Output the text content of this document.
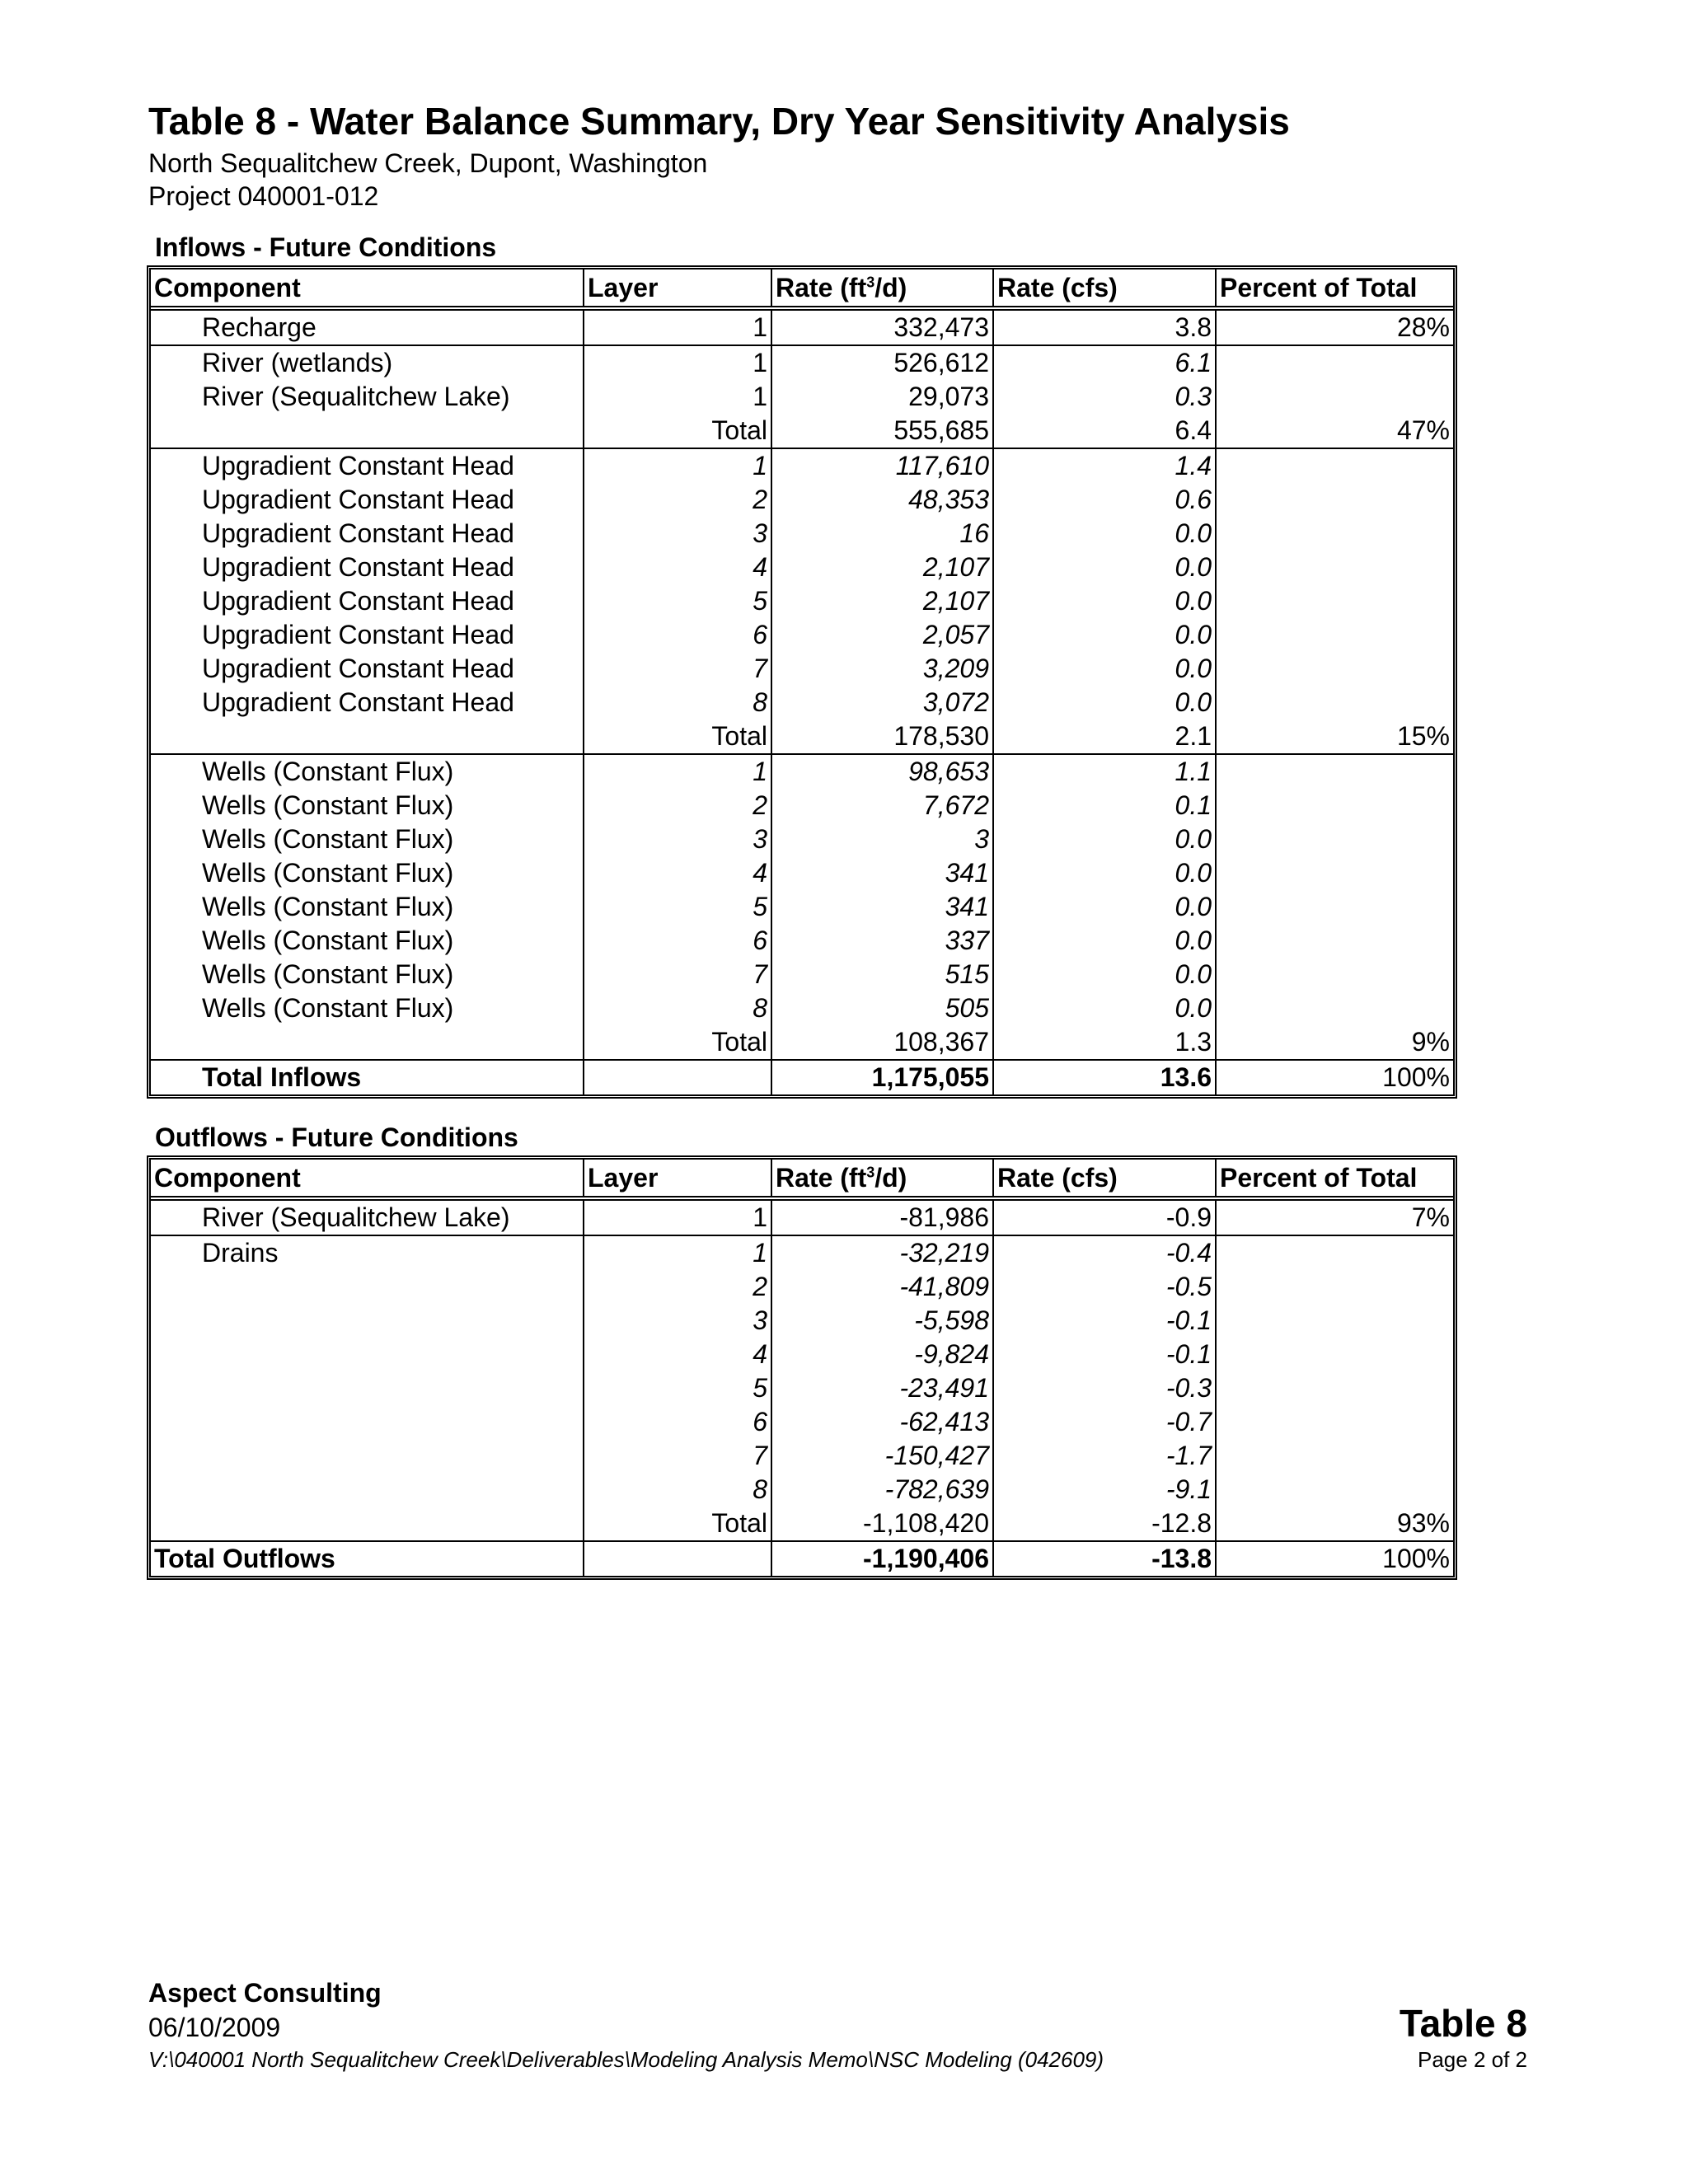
Table 8 - Water Balance Summary, Dry Year Sensitivity Analysis
North Sequalitchew Creek, Dupont, Washington
Project 040001-012
Inflows - Future Conditions
Component	Layer	Rate $(ft^3/d)$	Rate (cfs)	Percent of Total
Recharge	1	332,473	3.8	28%
River (wetlands)	1	526,612	6.1	
River (Sequalitchew Lake)	1	29,073	0.3	
	Total	555,685	6.4	47%
Upgradient Constant Head	1	117,610	1.4	
Upgradient Constant Head	2	48,353	0.6	
Upgradient Constant Head	3	16	0.0	
Upgradient Constant Head	4	2,107	0.0	
Upgradient Constant Head	5	2,107	0.0	
Upgradient Constant Head	6	2,057	0.0	
Upgradient Constant Head	7	3,209	0.0	
Upgradient Constant Head	8	3,072	0.0	
	Total	178,530	2.1	15%
Wells (Constant Flux)	1	98,653	1.1	
Wells (Constant Flux)	2	7,672	0.1	
Wells (Constant Flux)	3	3	0.0	
Wells (Constant Flux)	4	341	0.0	
Wells (Constant Flux)	5	341	0.0	
Wells (Constant Flux)	6	337	0.0	
Wells (Constant Flux)	7	515	0.0	
Wells (Constant Flux)	8	505	0.0	
	Total	108,367	1.3	9%
Total Inflows		1,175,055	13.6	100%
Outflows - Future Conditions
Component	Layer	Rate $(ft^3/d)$	Rate (cfs)	Percent of Total
River (Sequalitchew Lake)	1	-81,986	-0.9	7%
Drains	1	-32,219	-0.4	
	2	-41,809	-0.5	
	3	-5,598	-0.1	
	4	-9,824	-0.1	
	5	-23,491	-0.3	
	6	-62,413	-0.7	
	7	-150,427	-1.7	
	8	-782,639	-9.1	
	Total	-1,108,420	-12.8	93%
Total Outflows		-1,190,406	-13.8	100%
Aspect Consulting
06/10/2009
V:\040001 North Sequalitchew Creek\Deliverables\Modeling Analysis Memo\NSC Modeling (042609)
Table 8
Page 2 of 2
